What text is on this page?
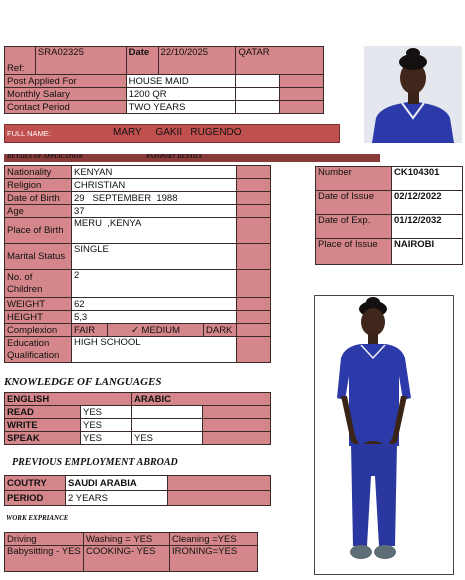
Ref:	SRA02325	Date	22/10/2025	QATAR	
Post Applied For		HOUSE MAID			
Monthly Salary		1200 QR			
Contact Period		TWO YEARS			
FULL NAME:	MARY     GAKII   RUGENDO
DETAILS OF APPLICATION	PASSPORT DETAILS
Nationality	KENYAN			
Religion	CHRISTIAN			
Date of Birth	29   SEPTEMBER  1988			
Age	37			
Place of Birth	MERU  ,KENYA			
Marital Status	SINGLE			
No. of Children	2			
WEIGHT	62			
HEIGHT	5,3			
Complexion	FAIR	✓ MEDIUM	DARK	
Education Qualification	HIGH SCHOOL			
Number	CK104301
Date of Issue	02/12/2022
Date of Exp.	01/12/2032
Place of Issue	NAIROBI
KNOWLEDGE OF LANGUAGES
ENGLISH		ARABIC	
READ	YES		
WRITE	YES		
SPEAK	YES	YES	
PREVIOUS EMPLOYMENT ABROAD
COUTRY	SAUDI ARABIA	
PERIOD	2 YEARS	
WORK EXPRIANCE
Driving	Washing = YES	Cleaning =YES
Babysitting - YES	COOKING- YES	IRONING=YES
